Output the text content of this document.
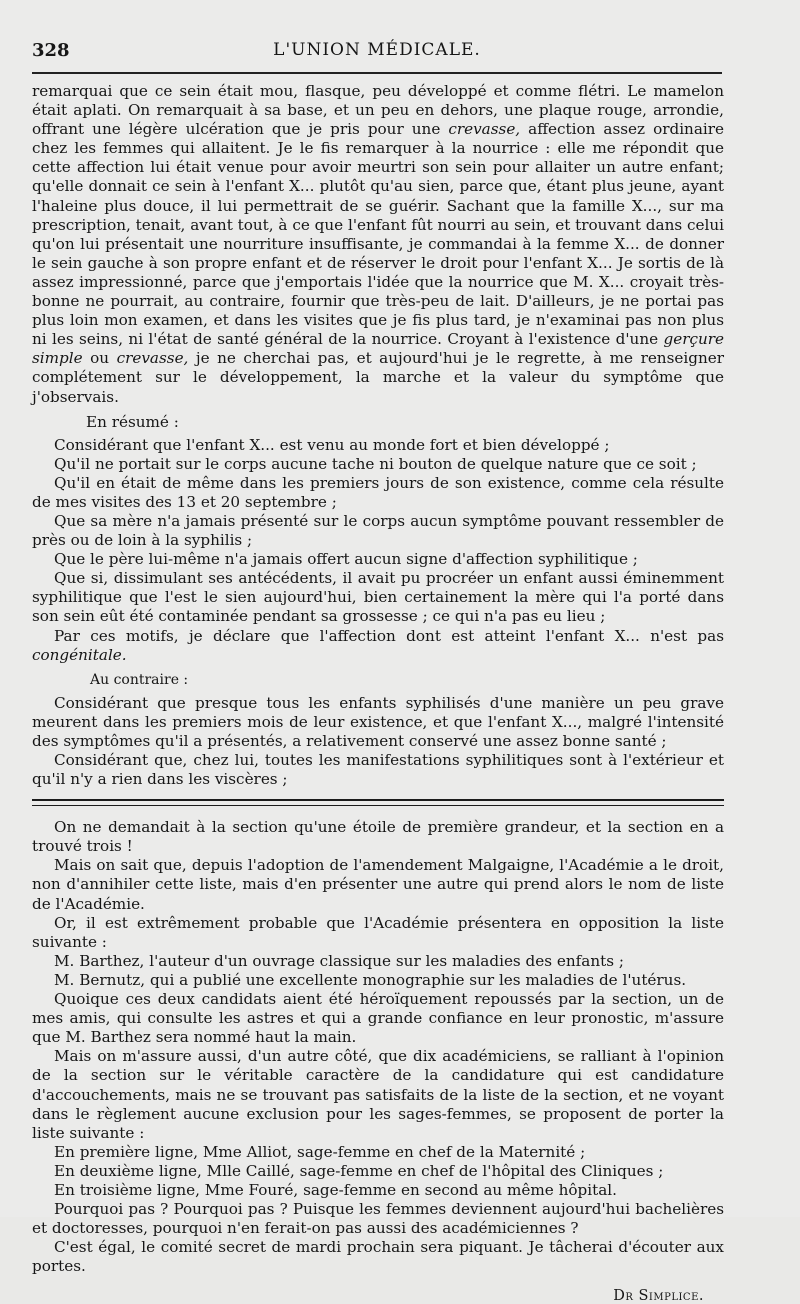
328	L'UNION MÉDICALE.

remarquai que ce sein était mou, flasque, peu développé et comme flétri. Le mamelon était aplati. On remarquait à sa base, et un peu en dehors, une plaque rouge, arrondie, offrant une légère ulcération que je pris pour une crevasse, affection assez ordinaire chez les femmes qui allaitent. Je le fis remarquer à la nourrice : elle me répondit que cette affection lui était venue pour avoir meurtri son sein pour allaiter un autre enfant; qu'elle donnait ce sein à l'enfant X... plutôt qu'au sien, parce que, étant plus jeune, ayant l'haleine plus douce, il lui permettrait de se guérir. Sachant que la famille X..., sur ma prescription, tenait, avant tout, à ce que l'enfant fût nourri au sein, et trouvant dans celui qu'on lui présentait une nourriture insuffisante, je commandai à la femme X... de donner le sein gauche à son propre enfant et de réserver le droit pour l'enfant X... Je sortis de là assez impressionné, parce que j'emportais l'idée que la nourrice que M. X... croyait très-bonne ne pourrait, au contraire, fournir que très-peu de lait. D'ailleurs, je ne portai pas plus loin mon examen, et dans les visites que je fis plus tard, je n'examinai pas non plus ni les seins, ni l'état de santé général de la nourrice. Croyant à l'existence d'une gerçure simple ou crevasse, je ne cherchai pas, et aujourd'hui je le regrette, à me renseigner complétement sur le développement, la marche et la valeur du symptôme que j'observais.

En résumé :

Considérant que l'enfant X... est venu au monde fort et bien développé ;

Qu'il ne portait sur le corps aucune tache ni bouton de quelque nature que ce soit ;

Qu'il en était de même dans les premiers jours de son existence, comme cela résulte de mes visites des 13 et 20 septembre ;

Que sa mère n'a jamais présenté sur le corps aucun symptôme pouvant ressembler de près ou de loin à la syphilis ;

Que le père lui-même n'a jamais offert aucun signe d'affection syphilitique ;

Que si, dissimulant ses antécédents, il avait pu procréer un enfant aussi éminemment syphilitique que l'est le sien aujourd'hui, bien certainement la mère qui l'a porté dans son sein eût été contaminée pendant sa grossesse ; ce qui n'a pas eu lieu ;

Par ces motifs, je déclare que l'affection dont est atteint l'enfant X... n'est pas congénitale.

Au contraire :

Considérant que presque tous les enfants syphilisés d'une manière un peu grave meurent dans les premiers mois de leur existence, et que l'enfant X..., malgré l'intensité des symptômes qu'il a présentés, a relativement conservé une assez bonne santé ;

Considérant que, chez lui, toutes les manifestations syphilitiques sont à l'extérieur et qu'il n'y a rien dans les viscères ;

On ne demandait à la section qu'une étoile de première grandeur, et la section en a trouvé trois !

Mais on sait que, depuis l'adoption de l'amendement Malgaigne, l'Académie a le droit, non d'annihiler cette liste, mais d'en présenter une autre qui prend alors le nom de liste de l'Académie.

Or, il est extrêmement probable que l'Académie présentera en opposition la liste suivante :

M. Barthez, l'auteur d'un ouvrage classique sur les maladies des enfants ;

M. Bernutz, qui a publié une excellente monographie sur les maladies de l'utérus.

Quoique ces deux candidats aient été héroïquement repoussés par la section, un de mes amis, qui consulte les astres et qui a grande confiance en leur pronostic, m'assure que M. Barthez sera nommé haut la main.

Mais on m'assure aussi, d'un autre côté, que dix académiciens, se ralliant à l'opinion de la section sur le véritable caractère de la candidature qui est candidature d'accouchements, mais ne se trouvant pas satisfaits de la liste de la section, et ne voyant dans le règlement aucune exclusion pour les sages-femmes, se proposent de porter la liste suivante :

En première ligne, Mme Alliot, sage-femme en chef de la Maternité ;

En deuxième ligne, Mlle Caillé, sage-femme en chef de l'hôpital des Cliniques ;

En troisième ligne, Mme Fouré, sage-femme en second au même hôpital.

Pourquoi pas ? Pourquoi pas ? Puisque les femmes deviennent aujourd'hui bachelières et doctoresses, pourquoi n'en ferait-on pas aussi des académiciennes ?

C'est égal, le comité secret de mardi prochain sera piquant. Je tâcherai d'écouter aux portes.

Dr Simplice.
